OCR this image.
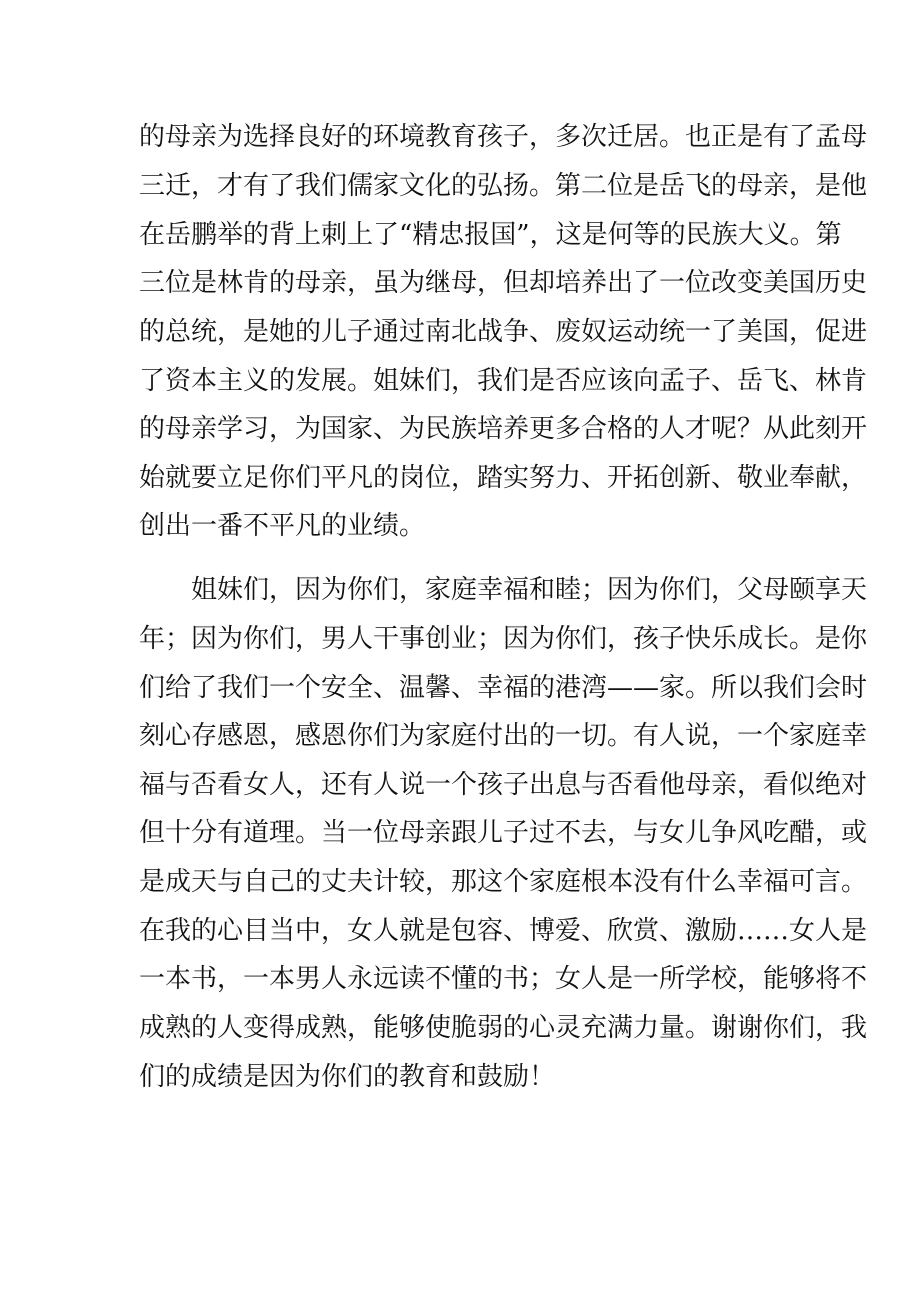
的母亲为选择良好的环境教育孩子，多次迁居。也正是有了孟母
三迁，才有了我们儒家文化的弘扬。第二位是岳飞的母亲，是他
在岳鹏举的背上刺上了“精忠报国”，这是何等的民族大义。第
三位是林肯的母亲，虽为继母，但却培养出了一位改变美国历史
的总统，是她的儿子通过南北战争、废奴运动统一了美国，促进
了资本主义的发展。姐妹们，我们是否应该向孟子、岳飞、林肯
的母亲学习，为国家、为民族培养更多合格的人才呢？从此刻开
始就要立足你们平凡的岗位，踏实努力、开拓创新、敬业奉献，
创出一番不平凡的业绩。
　　姐妹们，因为你们，家庭幸福和睦；因为你们，父母颐享天
年；因为你们，男人干事创业；因为你们，孩子快乐成长。是你
们给了我们一个安全、温馨、幸福的港湾——家。所以我们会时
刻心存感恩，感恩你们为家庭付出的一切。有人说，一个家庭幸
福与否看女人，还有人说一个孩子出息与否看他母亲，看似绝对
但十分有道理。当一位母亲跟儿子过不去，与女儿争风吃醋，或
是成天与自己的丈夫计较，那这个家庭根本没有什么幸福可言。
在我的心目当中，女人就是包容、博爱、欣赏、激励……女人是
一本书，一本男人永远读不懂的书；女人是一所学校，能够将不
成熟的人变得成熟，能够使脆弱的心灵充满力量。谢谢你们，我
们的成绩是因为你们的教育和鼓励！
